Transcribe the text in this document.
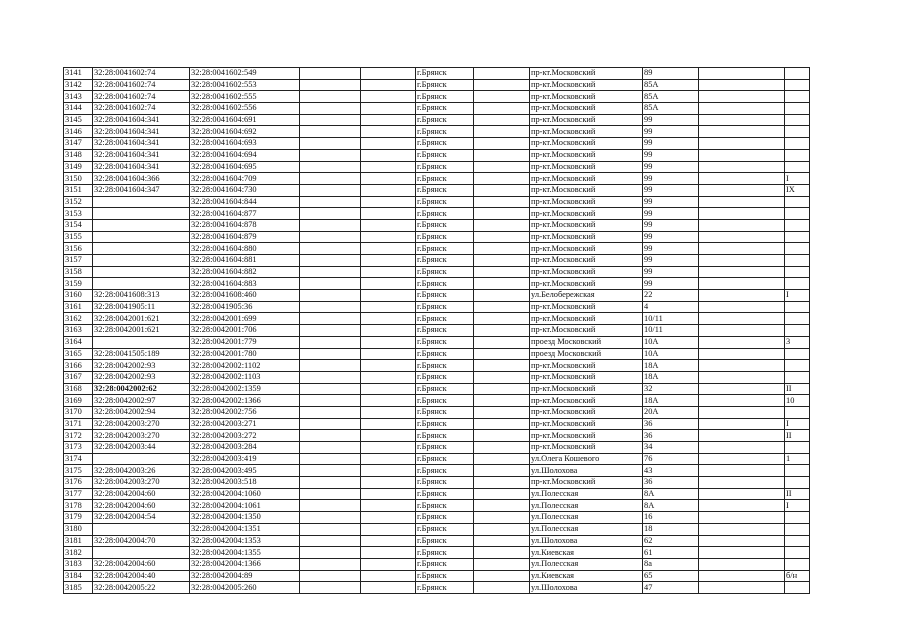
3141	32:28:0041602:74	32:28:0041602:549			г.Брянск		пр-кт.Московский	89		
3142	32:28:0041602:74	32:28:0041602:553			г.Брянск		пр-кт.Московский	85А		
3143	32:28:0041602:74	32:28:0041602:555			г.Брянск		пр-кт.Московский	85А		
3144	32:28:0041602:74	32:28:0041602:556			г.Брянск		пр-кт.Московский	85А		
3145	32:28:0041604:341	32:28:0041604:691			г.Брянск		пр-кт.Московский	99		
3146	32:28:0041604:341	32:28:0041604:692			г.Брянск		пр-кт.Московский	99		
3147	32:28:0041604:341	32:28:0041604:693			г.Брянск		пр-кт.Московский	99		
3148	32:28:0041604:341	32:28:0041604:694			г.Брянск		пр-кт.Московский	99		
3149	32:28:0041604:341	32:28:0041604:695			г.Брянск		пр-кт.Московский	99		
3150	32:28:0041604:366	32:28:0041604:709			г.Брянск		пр-кт.Московский	99		I
3151	32:28:0041604:347	32:28:0041604:730			г.Брянск		пр-кт.Московский	99		IX
3152		32:28:0041604:844			г.Брянск		пр-кт.Московский	99		
3153		32:28:0041604:877			г.Брянск		пр-кт.Московский	99		
3154		32:28:0041604:878			г.Брянск		пр-кт.Московский	99		
3155		32:28:0041604:879			г.Брянск		пр-кт.Московский	99		
3156		32:28:0041604:880			г.Брянск		пр-кт.Московский	99		
3157		32:28:0041604:881			г.Брянск		пр-кт.Московский	99		
3158		32:28:0041604:882			г.Брянск		пр-кт.Московский	99		
3159		32:28:0041604:883			г.Брянск		пр-кт.Московский	99		
3160	32:28:0041608:313	32:28:0041608:460			г.Брянск		ул.Белобережская	22		I
3161	32:28:0041905:11	32:28:0041905:36			г.Брянск		пр-кт.Московский	4		
3162	32:28:0042001:621	32:28:0042001:699			г.Брянск		пр-кт.Московский	10/11		
3163	32:28:0042001:621	32:28:0042001:706			г.Брянск		пр-кт.Московский	10/11		
3164		32:28:0042001:779			г.Брянск		проезд Московский	10А		3
3165	32:28:0041505:189	32:28:0042001:780			г.Брянск		проезд Московский	10А		
3166	32:28:0042002:93	32:28:0042002:1102			г.Брянск		пр-кт.Московский	18А		
3167	32:28:0042002:93	32:28:0042002:1103			г.Брянск		пр-кт.Московский	18А		
3168	32:28:0042002:62	32:28:0042002:1359			г.Брянск		пр-кт.Московский	32		II
3169	32:28:0042002:97	32:28:0042002:1366			г.Брянск		пр-кт.Московский	18А		10
3170	32:28:0042002:94	32:28:0042002:756			г.Брянск		пр-кт.Московский	20А		
3171	32:28:0042003:270	32:28:0042003:271			г.Брянск		пр-кт.Московский	36		I
3172	32:28:0042003:270	32:28:0042003:272			г.Брянск		пр-кт.Московский	36		II
3173	32:28:0042003:44	32:28:0042003:284			г.Брянск		пр-кт.Московский	34		
3174		32:28:0042003:419			г.Брянск		ул.Олега Кошевого	76		1
3175	32:28:0042003:26	32:28:0042003:495			г.Брянск		ул.Шолохова	43		
3176	32:28:0042003:270	32:28:0042003:518			г.Брянск		пр-кт.Московский	36		
3177	32:28:0042004:60	32:28:0042004:1060			г.Брянск		ул.Полесская	8А		II
3178	32:28:0042004:60	32:28:0042004:1061			г.Брянск		ул.Полесская	8А		I
3179	32:28:0042004:54	32:28:0042004:1350			г.Брянск		ул.Полесская	16		
3180		32:28:0042004:1351			г.Брянск		ул.Полесская	18		
3181	32:28:0042004:70	32:28:0042004:1353			г.Брянск		ул.Шолохова	62		
3182		32:28:0042004:1355			г.Брянск		ул.Киевская	61		
3183	32:28:0042004:60	32:28:0042004:1366			г.Брянск		ул.Полесская	8а		
3184	32:28:0042004:40	32:28:0042004:89			г.Брянск		ул.Киевская	65		б/н
3185	32:28:0042005:22	32:28:0042005:260			г.Брянск		ул.Шолохова	47		
